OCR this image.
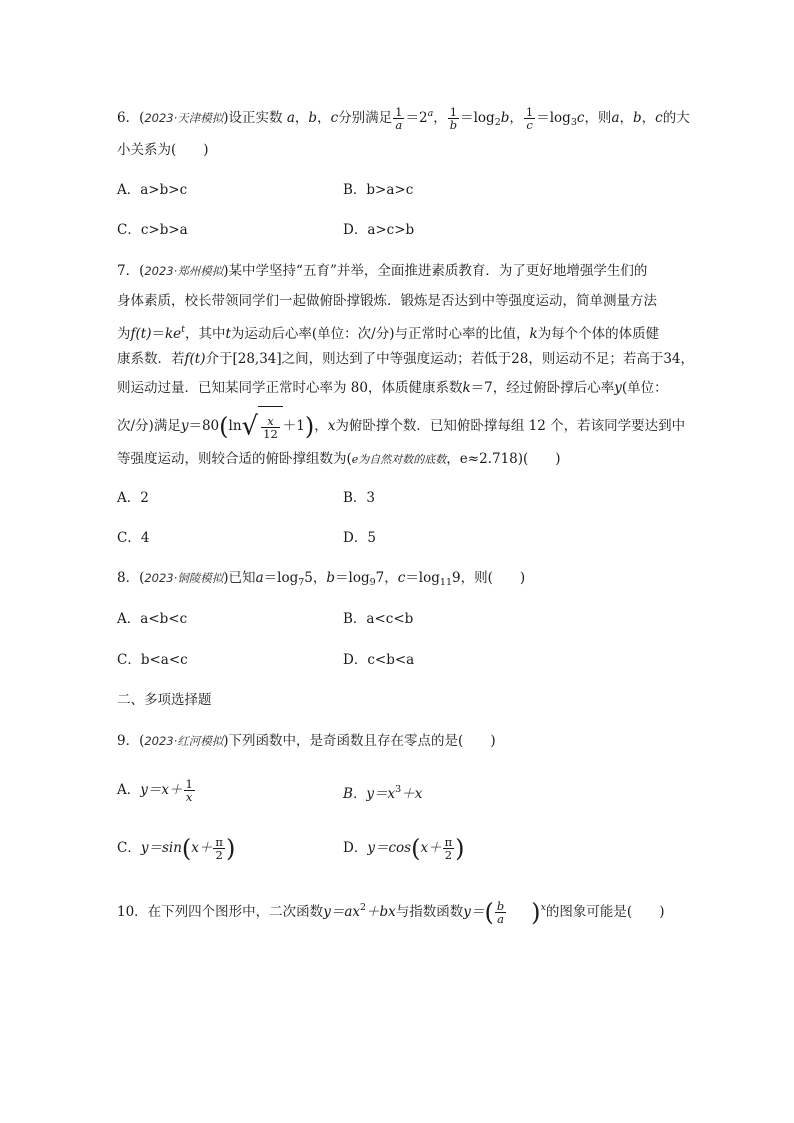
6．(2023·天津模拟)设正实数 a，b，c分别满足 $\frac{1}{a} =2^a$， $\frac{1}{b} =\log_2b$， $\frac{1}{c} =\log_3c$，则a，b，c的大
小关系为(　　)
A．a>b>c	B．b>a>c
C．c>b>a	D．a>c>b
7．(2023·郑州模拟)某中学坚持“五育”并举，全面推进素质教育．为了更好地增强学生们的
身体素质，校长带领同学们一起做俯卧撑锻炼．锻炼是否达到中等强度运动，简单测量方法
为$f(t)=ke^t$，其中t为运动后心率(单位：次/分)与正常时心率的比值，k为每个个体的体质健
康系数．若f(t)介于[28,34]之间，则达到了中等强度运动；若低于28，则运动不足；若高于34，
则运动过量．已知某同学正常时心率为 80，体质健康系数k＝7，经过俯卧撑后心率y(单位：
次/分)满足$y=80(\ln√ \frac{x}{12} +1)$，x为俯卧撑个数．已知俯卧撑每组 12 个，若该同学要达到中
等强度运动，则较合适的俯卧撑组数为(e为自然对数的底数，e≈2.718)(　　)
A．2	B．3
C．4	D．5
8．(2023·铜陵模拟)已知$a=\log_75$，$b=\log_97$，$c=\log_{11}9$，则(　　)
A．a<b<c	B．a<c<b
C．b<a<c	D．c<b<a
二、多项选择题
9．(2023·红河模拟)下列函数中，是奇函数且存在零点的是(　　)
A．$y=x+ \frac{1}{x}$	B．$y=x^3+x$
C．$y=\sin(x+ \frac{\pi}{2}$ )	D．$y=\cos(x+ \frac{\pi}{2}$ )
10．在下列四个图形中，二次函数$y=ax^2+bx$与指数函数$y=( \frac{b}{a}$ 　)$^x$的图象可能是(　　)
